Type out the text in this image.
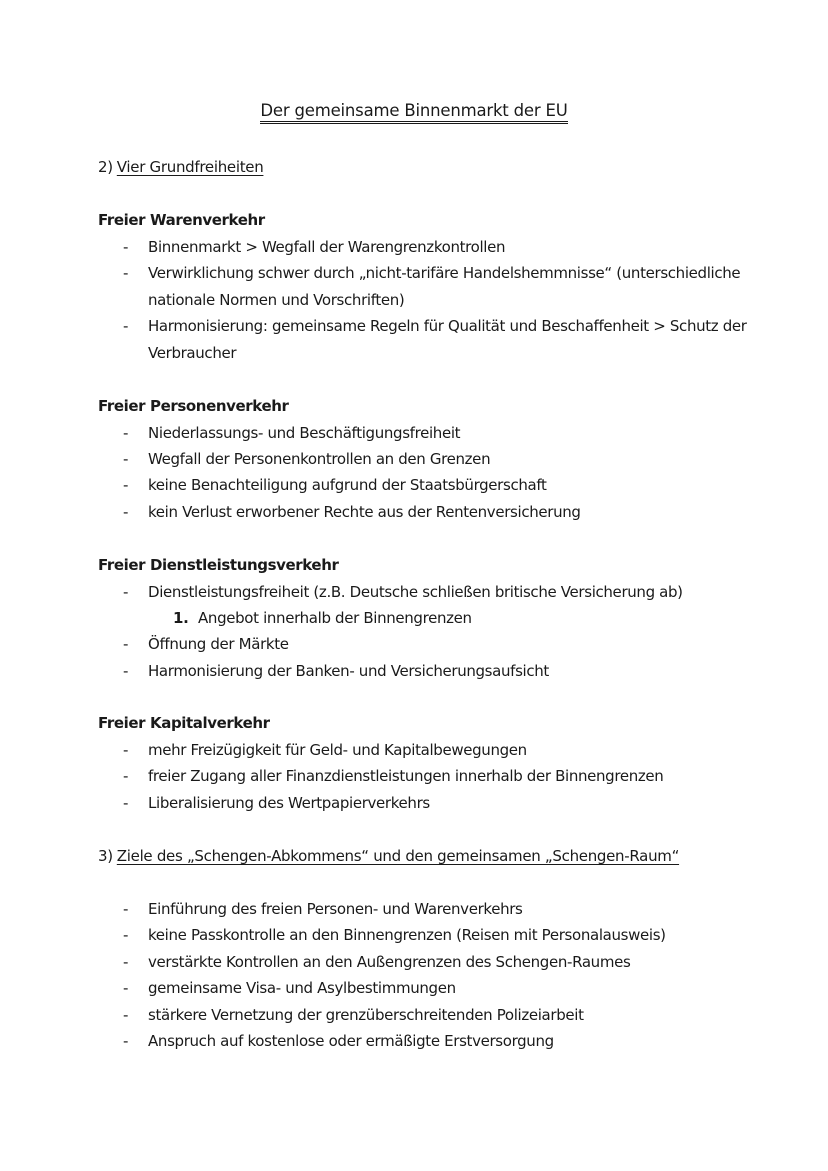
Der gemeinsame Binnenmarkt der EU
2) Vier Grundfreiheiten
Freier Warenverkehr
- Binnenmarkt > Wegfall der Warengrenzkontrollen
- Verwirklichung schwer durch „nicht-tarifäre Handelshemmnisse“ (unterschiedliche nationale Normen und Vorschriften)
- Harmonisierung: gemeinsame Regeln für Qualität und Beschaffenheit > Schutz der Verbraucher
Freier Personenverkehr
- Niederlassungs- und Beschäftigungsfreiheit
- Wegfall der Personenkontrollen an den Grenzen
- keine Benachteiligung aufgrund der Staatsbürgerschaft
- kein Verlust erworbener Rechte aus der Rentenversicherung
Freier Dienstleistungsverkehr
- Dienstleistungsfreiheit (z.B. Deutsche schließen britische Versicherung ab)
1. Angebot innerhalb der Binnengrenzen
- Öffnung der Märkte
- Harmonisierung der Banken- und Versicherungsaufsicht
Freier Kapitalverkehr
- mehr Freizügigkeit für Geld- und Kapitalbewegungen
- freier Zugang aller Finanzdienstleistungen innerhalb der Binnengrenzen
- Liberalisierung des Wertpapierverkehrs
3) Ziele des „Schengen-Abkommens“ und den gemeinsamen „Schengen-Raum“
- Einführung des freien Personen- und Warenverkehrs
- keine Passkontrolle an den Binnengrenzen (Reisen mit Personalausweis)
- verstärkte Kontrollen an den Außengrenzen des Schengen-Raumes
- gemeinsame Visa- und Asylbestimmungen
- stärkere Vernetzung der grenzüberschreitenden Polizeiarbeit
- Anspruch auf kostenlose oder ermäßigte Erstversorgung
